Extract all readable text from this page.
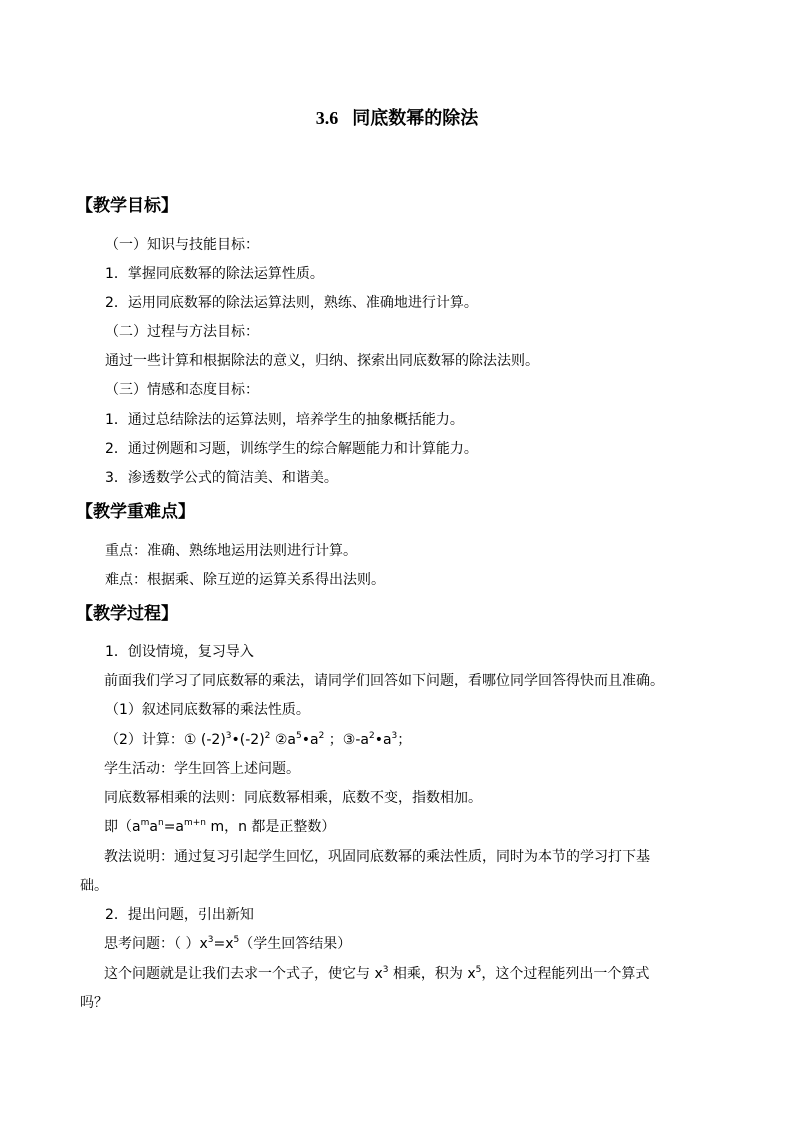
3.6 同底数幂的除法
【教学目标】
（一）知识与技能目标：
1．掌握同底数幂的除法运算性质。
2．运用同底数幂的除法运算法则，熟练、准确地进行计算。
（二）过程与方法目标：
通过一些计算和根据除法的意义，归纳、探索出同底数幂的除法法则。
（三）情感和态度目标：
1．通过总结除法的运算法则，培养学生的抽象概括能力。
2．通过例题和习题，训练学生的综合解题能力和计算能力。
3．渗透数学公式的简洁美、和谐美。
【教学重难点】
重点：准确、熟练地运用法则进行计算。
难点：根据乘、除互逆的运算关系得出法则。
【教学过程】
1．创设情境，复习导入
前面我们学习了同底数幂的乘法，请同学们回答如下问题，看哪位同学回答得快而且准确。
（1）叙述同底数幂的乘法性质。
（2）计算：① $(-2)^3•(-2)^2$ $②a^5•a^2$ ；$③-a^2•a^3$；
学生活动：学生回答上述问题。
同底数幂相乘的法则：同底数幂相乘，底数不变，指数相加。
即（$a^ma^n=a^{m+n}$ m，n 都是正整数）
教法说明：通过复习引起学生回忆，巩固同底数幂的乘法性质，同时为本节的学习打下基
础。
2．提出问题，引出新知
思考问题：（ ）$x^3=x^5$（学生回答结果）
这个问题就是让我们去求一个式子，使它与 $x^3$ 相乘，积为 $x^5$，这个过程能列出一个算式
吗？
